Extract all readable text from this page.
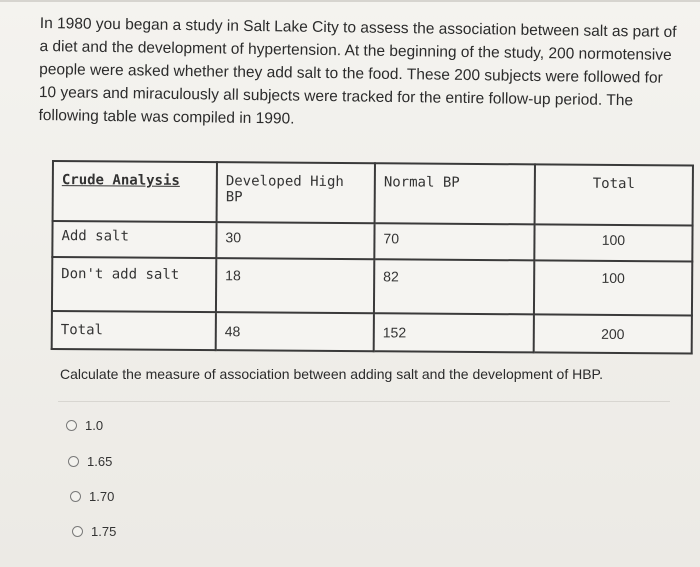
In 1980 you began a study in Salt Lake City to assess the association between salt as part of a diet and the development of hypertension. At the beginning of the study, 200 normotensive people were asked whether they add salt to the food. These 200 subjects were followed for 10 years and miraculously all subjects were tracked for the entire follow-up period. The following table was compiled in 1990.
Crude Analysis	Developed High BP	Normal BP	Total
Add salt	30	70	100
Don't add salt	18	82	100
Total	48	152	200
Calculate the measure of association between adding salt and the development of HBP.
1.0
1.65
1.70
1.75
